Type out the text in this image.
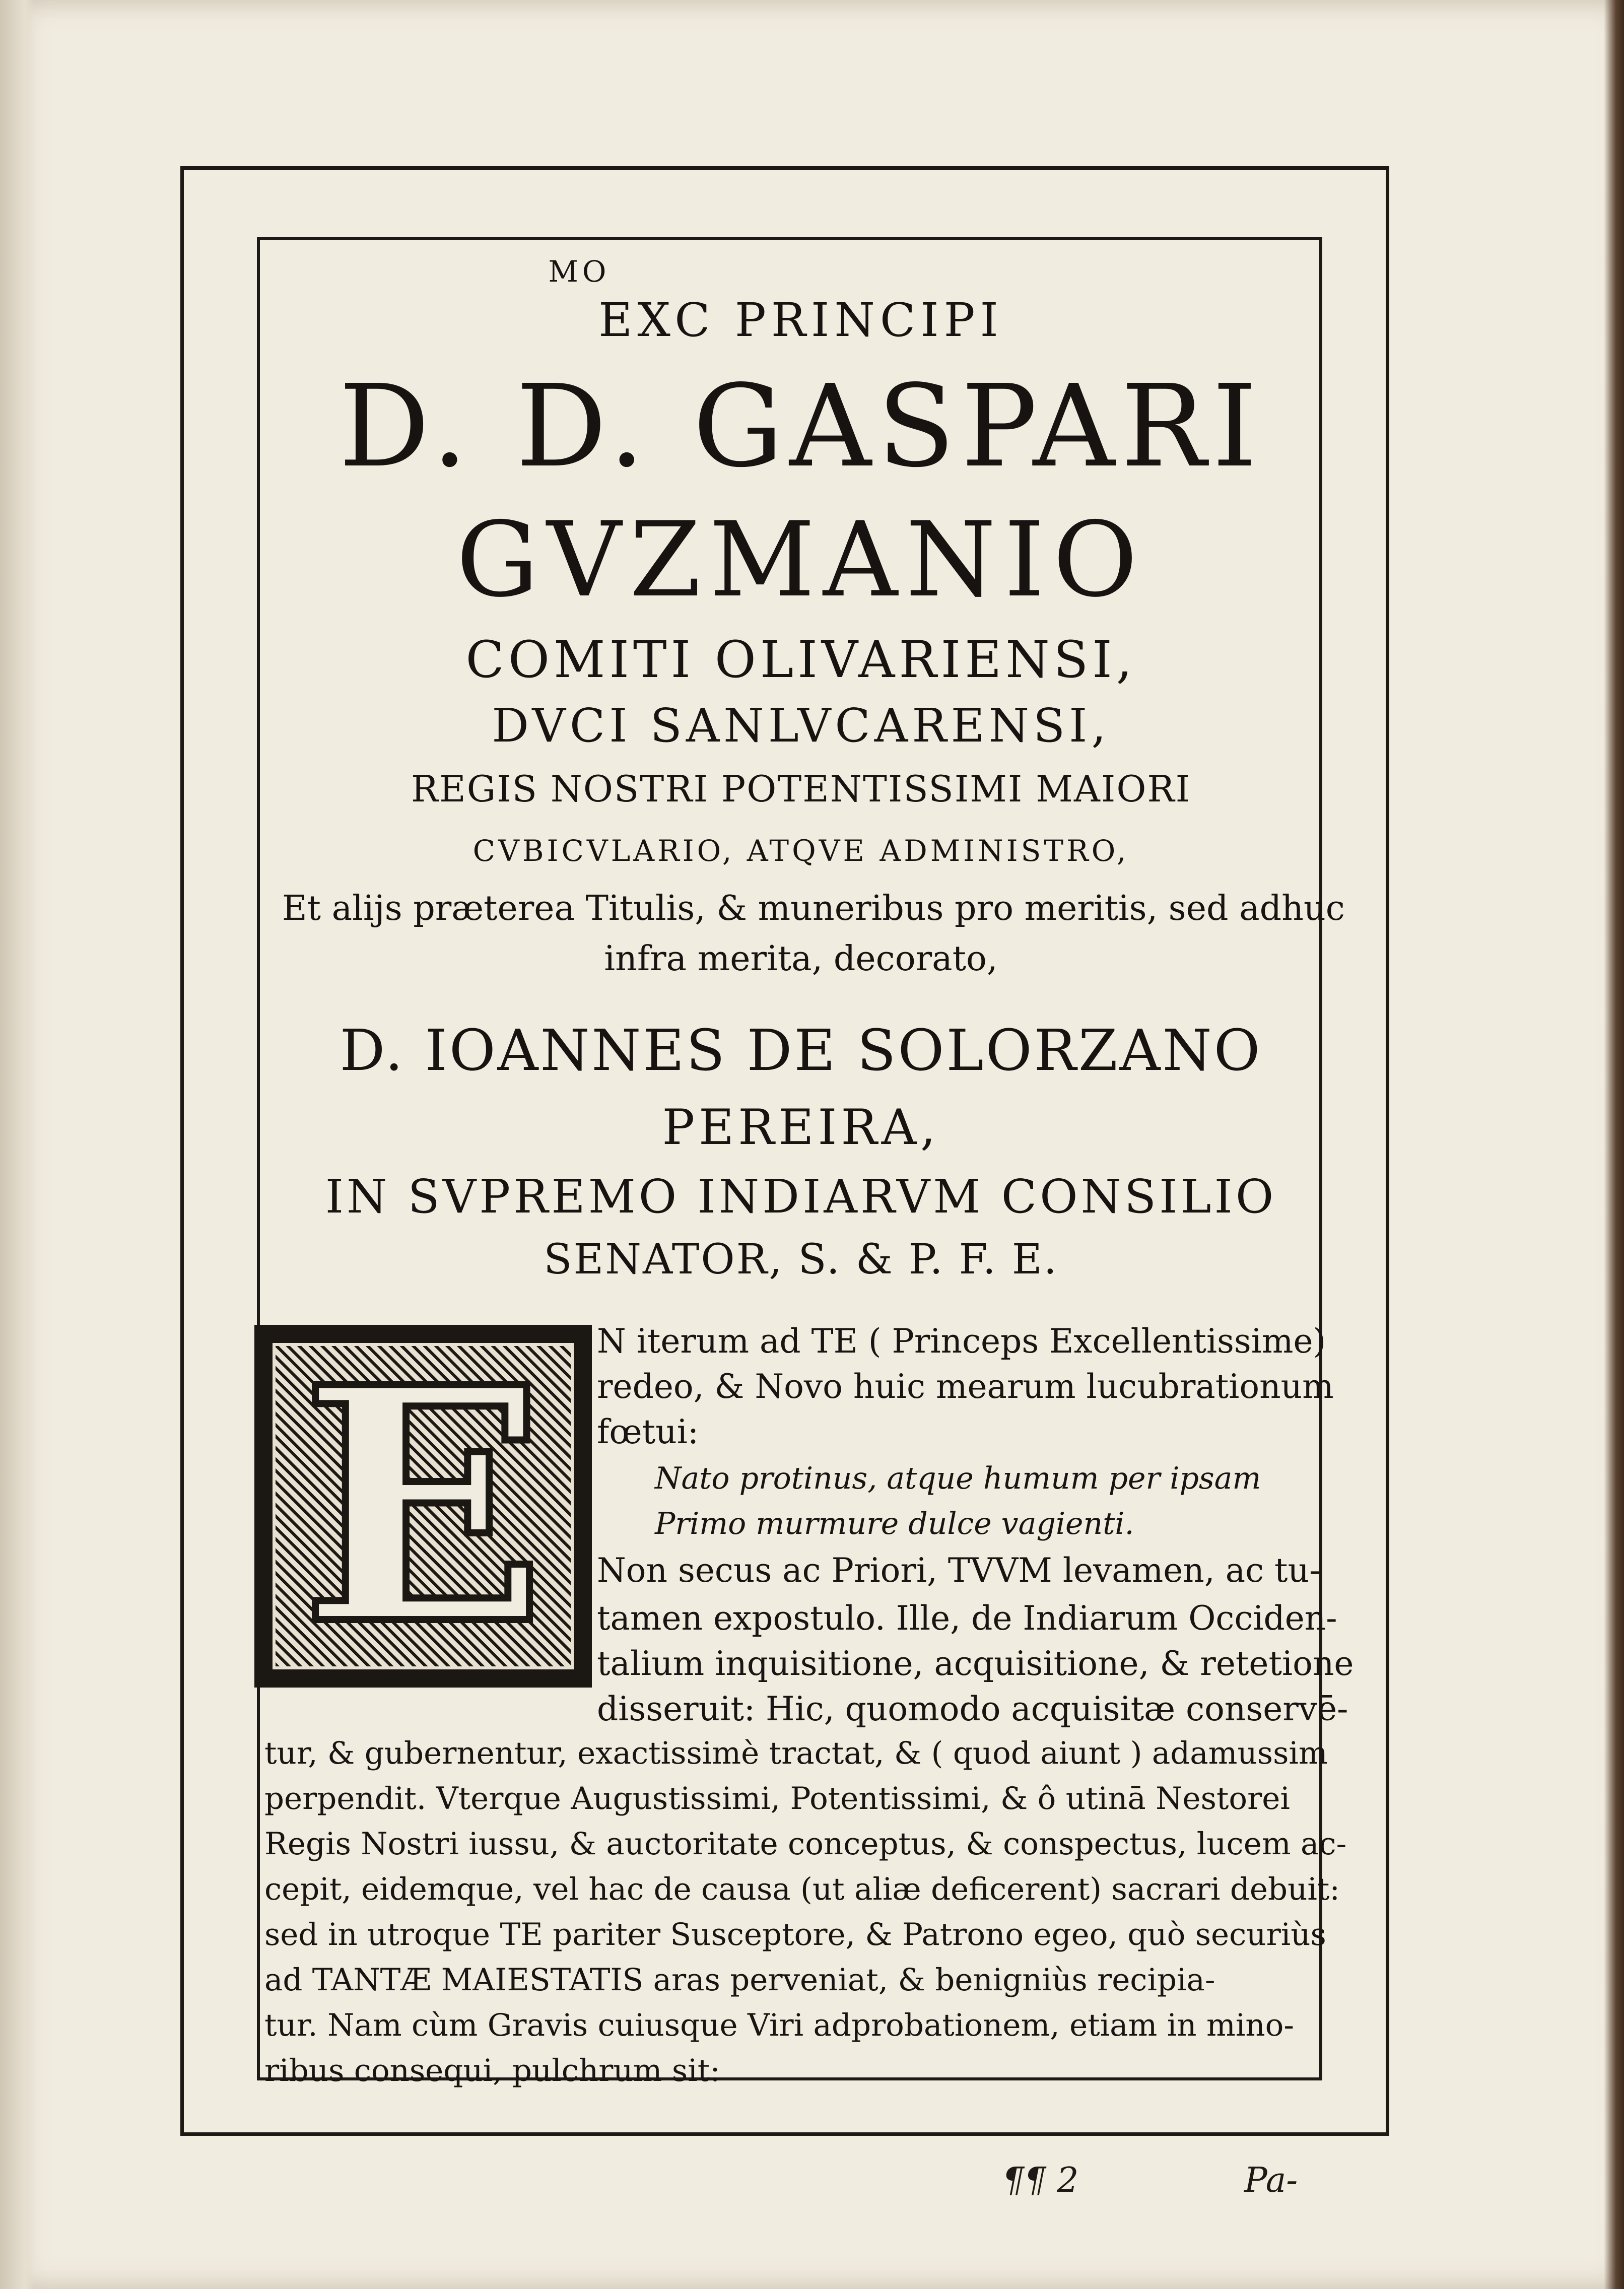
MO
EXC PRINCIPI
D. D. GASPARI
GVZMANIO
COMITI OLIVARIENSI,
DVCI SANLVCARENSI,
REGIS NOSTRI POTENTISSIMI MAIORI
CVBICVLARIO, ATQVE ADMINISTRO,
Et alijs præterea Titulis, & muneribus pro meritis, sed adhuc
infra merita, decorato,
D. IOANNES DE SOLORZANO
PEREIRA,
IN SVPREMO INDIARVM CONSILIO
SENATOR, S. & P. F. E.
E	N iterum ad TE ( Princeps Excellentissime)
redeo, & Novo huic mearum lucubrationum
fœtui:
Nato protinus, atque humum per ipsam
Primo murmure dulce vagienti.
Non secus ac Priori, TVVM levamen, ac tu-
tamen expostulo. Ille, de Indiarum Occiden-
talium inquisitione, acquisitione, & retetione
disseruit: Hic, quomodo acquisitæ conservē-
tur, & gubernentur, exactissimè tractat, & ( quod aiunt ) adamussim
perpendit. Vterque Augustissimi, Potentissimi, & ô utinā Nestorei
Regis Nostri iussu, & auctoritate conceptus, & conspectus, lucem ac-
cepit, eidemque, vel hac de causa (ut aliæ deficerent) sacrari debuit:
sed in utroque TE pariter Susceptore, & Patrono egeo, quò securiùs
ad TANTÆ MAIESTATIS aras perveniat, & benigniùs recipia-
tur. Nam cùm Gravis cuiusque Viri adprobationem, etiam in mino-
ribus consequi, pulchrum sit:
¶¶ 2	Pa-
